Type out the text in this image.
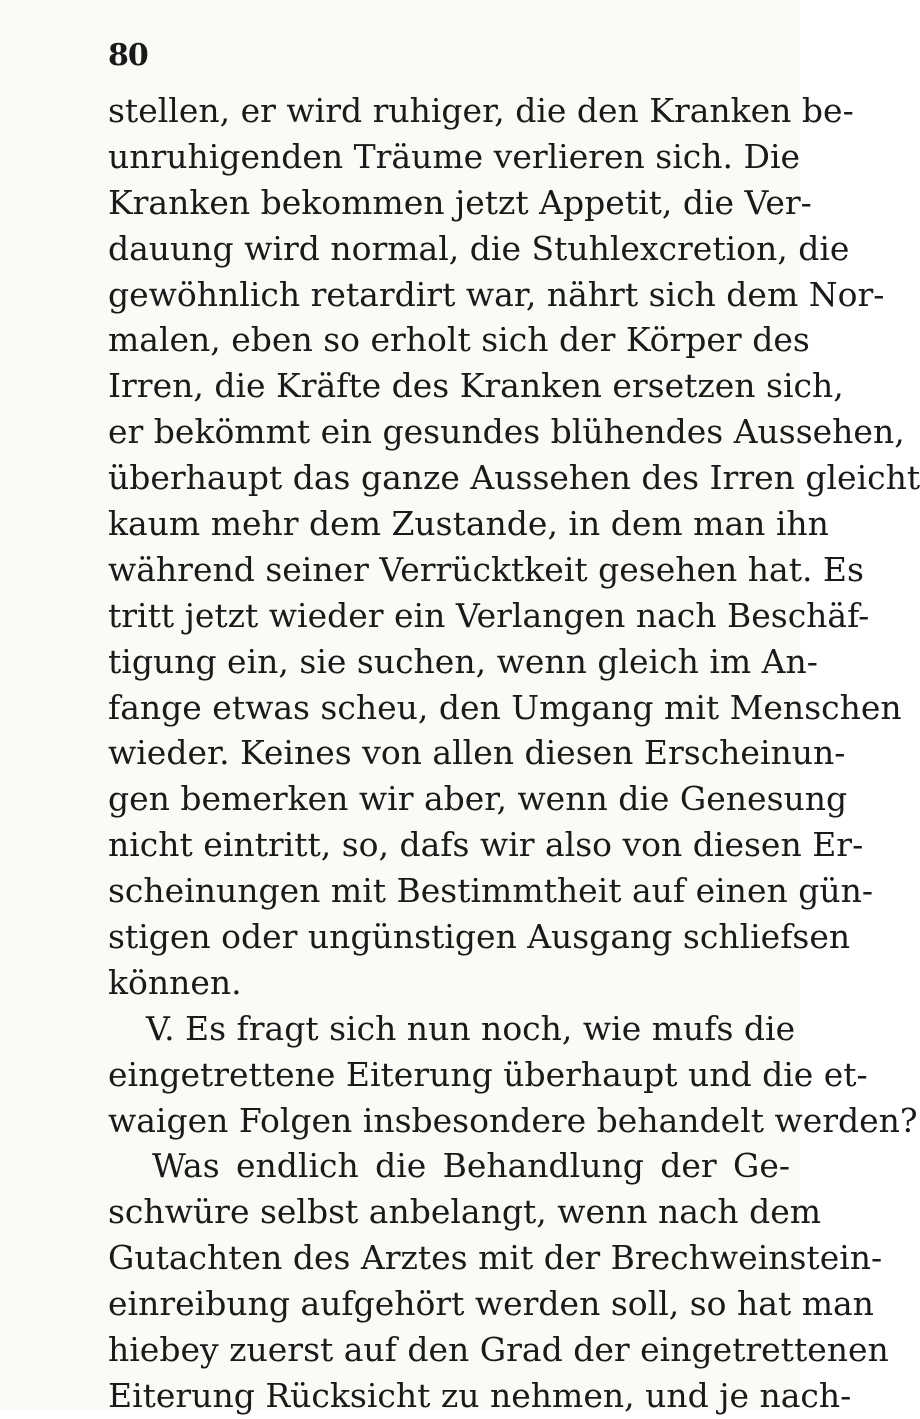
80
stellen, er wird ruhiger, die den Kranken be-
unruhigenden Träume verlieren sich. Die
Kranken bekommen jetzt Appetit, die Ver-
dauung wird normal, die Stuhlexcretion, die
gewöhnlich retardirt war, nährt sich dem Nor-
malen, eben so erholt sich der Körper des
Irren, die Kräfte des Kranken ersetzen sich,
er bekömmt ein gesundes blühendes Aussehen,
überhaupt das ganze Aussehen des Irren gleicht
kaum mehr dem Zustande, in dem man ihn
während seiner Verrücktkeit gesehen hat. Es
tritt jetzt wieder ein Verlangen nach Beschäf-
tigung ein, sie suchen, wenn gleich im An-
fange etwas scheu, den Umgang mit Menschen
wieder. Keines von allen diesen Erscheinun-
gen bemerken wir aber, wenn die Genesung
nicht eintritt, so, dafs wir also von diesen Er-
scheinungen mit Bestimmtheit auf einen gün-
stigen oder ungünstigen Ausgang schliefsen
können.
V. Es fragt sich nun noch, wie mufs die
eingetrettene Eiterung überhaupt und die et-
waigen Folgen insbesondere behandelt werden?
Was endlich die Behandlung der Ge-
schwüre selbst anbelangt, wenn nach dem
Gutachten des Arztes mit der Brechweinstein-
einreibung aufgehört werden soll, so hat man
hiebey zuerst auf den Grad der eingetrettenen
Eiterung Rücksicht zu nehmen, und je nach-
